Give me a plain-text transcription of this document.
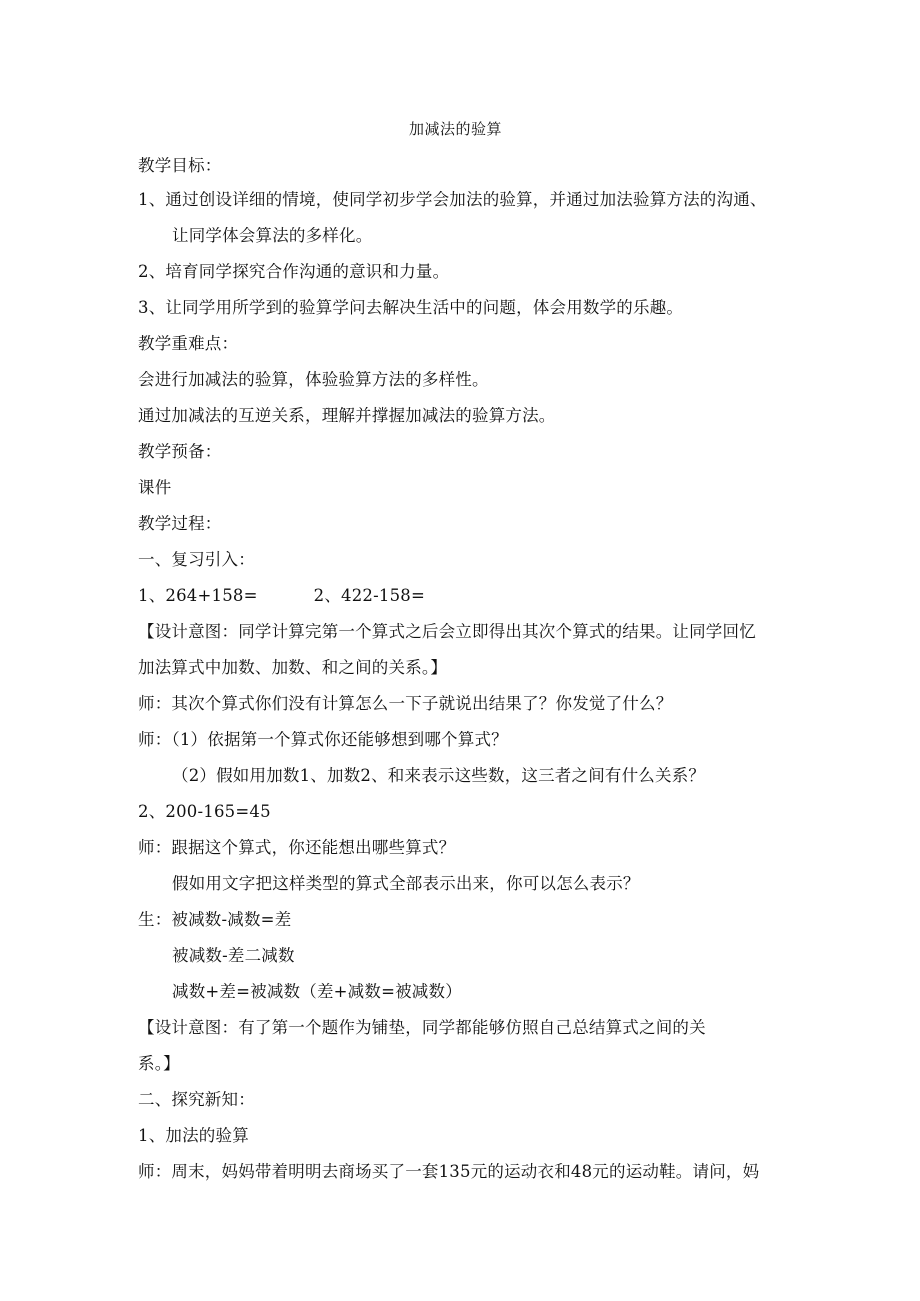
加减法的验算
教学目标：
1、通过创设详细的情境，使同学初步学会加法的验算，并通过加法验算方法的沟通、
让同学体会算法的多样化。
2、培育同学探究合作沟通的意识和力量。
3、让同学用所学到的验算学问去解决生活中的问题，体会用数学的乐趣。
教学重难点：
会进行加减法的验算，体验验算方法的多样性。
通过加减法的互逆关系，理解并撑握加减法的验算方法。
教学预备：
课件
教学过程：
一、复习引入：
1、264+158=	2、422-158=
【设计意图：同学计算完第一个算式之后会立即得出其次个算式的结果。让同学回忆
加法算式中加数、加数、和之间的关系。】
师：其次个算式你们没有计算怎么一下子就说出结果了？你发觉了什么？
师：（1）依据第一个算式你还能够想到哪个算式？
（2）假如用加数1、加数2、和来表示这些数，这三者之间有什么关系？
2、200-165=45
师：跟据这个算式，你还能想出哪些算式？
假如用文字把这样类型的算式全部表示出来，你可以怎么表示？
生：被减数-减数=差
被减数-差二减数
减数+差=被减数（差+减数=被减数）
【设计意图：有了第一个题作为铺垫，同学都能够仿照自己总结算式之间的关
系。】
二、探究新知：
1、加法的验算
师：周末，妈妈带着明明去商场买了一套135元的运动衣和48元的运动鞋。请问，妈
